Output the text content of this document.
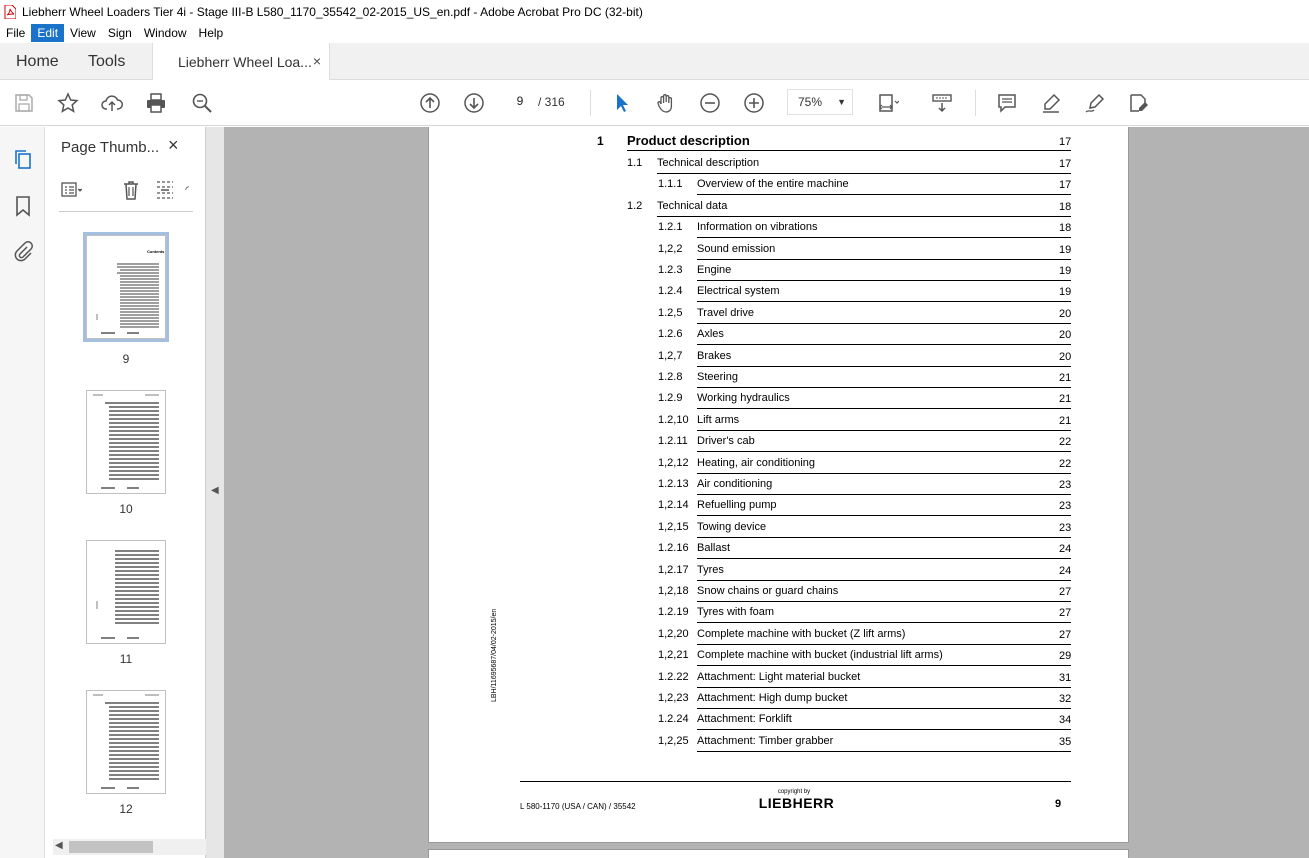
Liebherr Wheel Loaders Tier 4i - Stage III-B L580_1170_35542_02-2015_US_en.pdf - Adobe Acrobat Pro DC (32-bit)
File	Edit	View	Sign	Window	Help
Home Tools	Liebherr Wheel Loa... ×
9
/ 316	75% ▼
Page Thumb... ×
Contents
9
10
11
12
◀
◀
1 Product description	17
1.1 Technical description	17
1.1.1 Overview of the entire machine	17
1.2 Technical data	18
1.2.1 Information on vibrations	18
1,2,2 Sound emission	19
1.2.3 Engine	19
1.2.4 Electrical system	19
1.2,5 Travel drive	20
1.2.6 Axles	20
1,2,7 Brakes	20
1.2.8 Steering	21
1.2.9 Working hydraulics	21
1.2,10 Lift arms	21
1.2.11 Driver's cab	22
1,2,12 Heating, air conditioning	22
1.2.13 Air conditioning	23
1,2.14 Refuelling pump	23
1,2,15 Towing device	23
1.2.16 Ballast	24
1,2.17 Tyres	24
1,2,18 Snow chains or guard chains	27
1.2.19 Tyres with foam	27
1,2,20 Complete machine with bucket (Z lift arms)	27
1,2,21 Complete machine with bucket (industrial lift arms)	29
1.2.22 Attachment: Light material bucket	31
1,2,23 Attachment: High dump bucket	32
1.2.24 Attachment: Forklift	34
1,2,25 Attachment: Timber grabber	35
LBH/11695687/04/02-2015/en
L 580-1170 (USA / CAN) / 35542
copyright by
LIEBHERR	9
